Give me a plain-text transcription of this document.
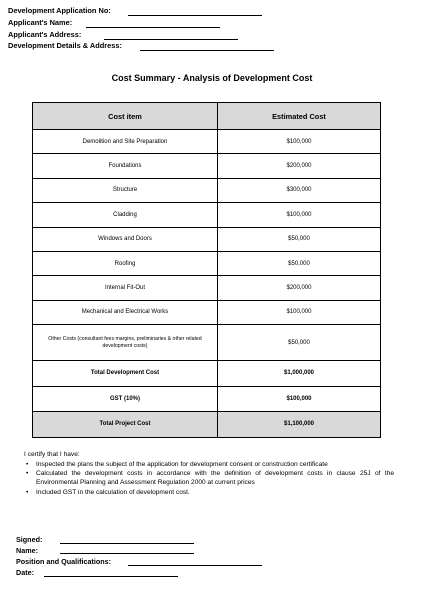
Development Application No:
Applicant's Name:
Applicant's Address:
Development Details & Address:
Cost Summary - Analysis of Development Cost
Cost item	Estimated Cost
Demolition and Site Preparation	$100,000
Foundations	$200,000
Structure	$300,000
Cladding	$100,000
Windows and Doors	$50,000
Roofing	$50,000
Internal Fit-Out	$200,000
Mechanical and Electrical Works	$100,000
Other Costs (consultant fees margins, preliminaries & other related development costs)	$50,000
Total Development Cost	$1,000,000
GST (10%)	$100,000
Total Project Cost	$1,100,000
I certify that I have:
• Inspected the plans the subject of the application for development consent or construction certificate
• Calculated the development costs in accordance with the definition of development costs in clause 25J of the Environmental Planning and Assessment Regulation 2000 at current prices
• Included GST in the calculation of development cost.
Signed:
Name:
Position and Qualifications:
Date:
